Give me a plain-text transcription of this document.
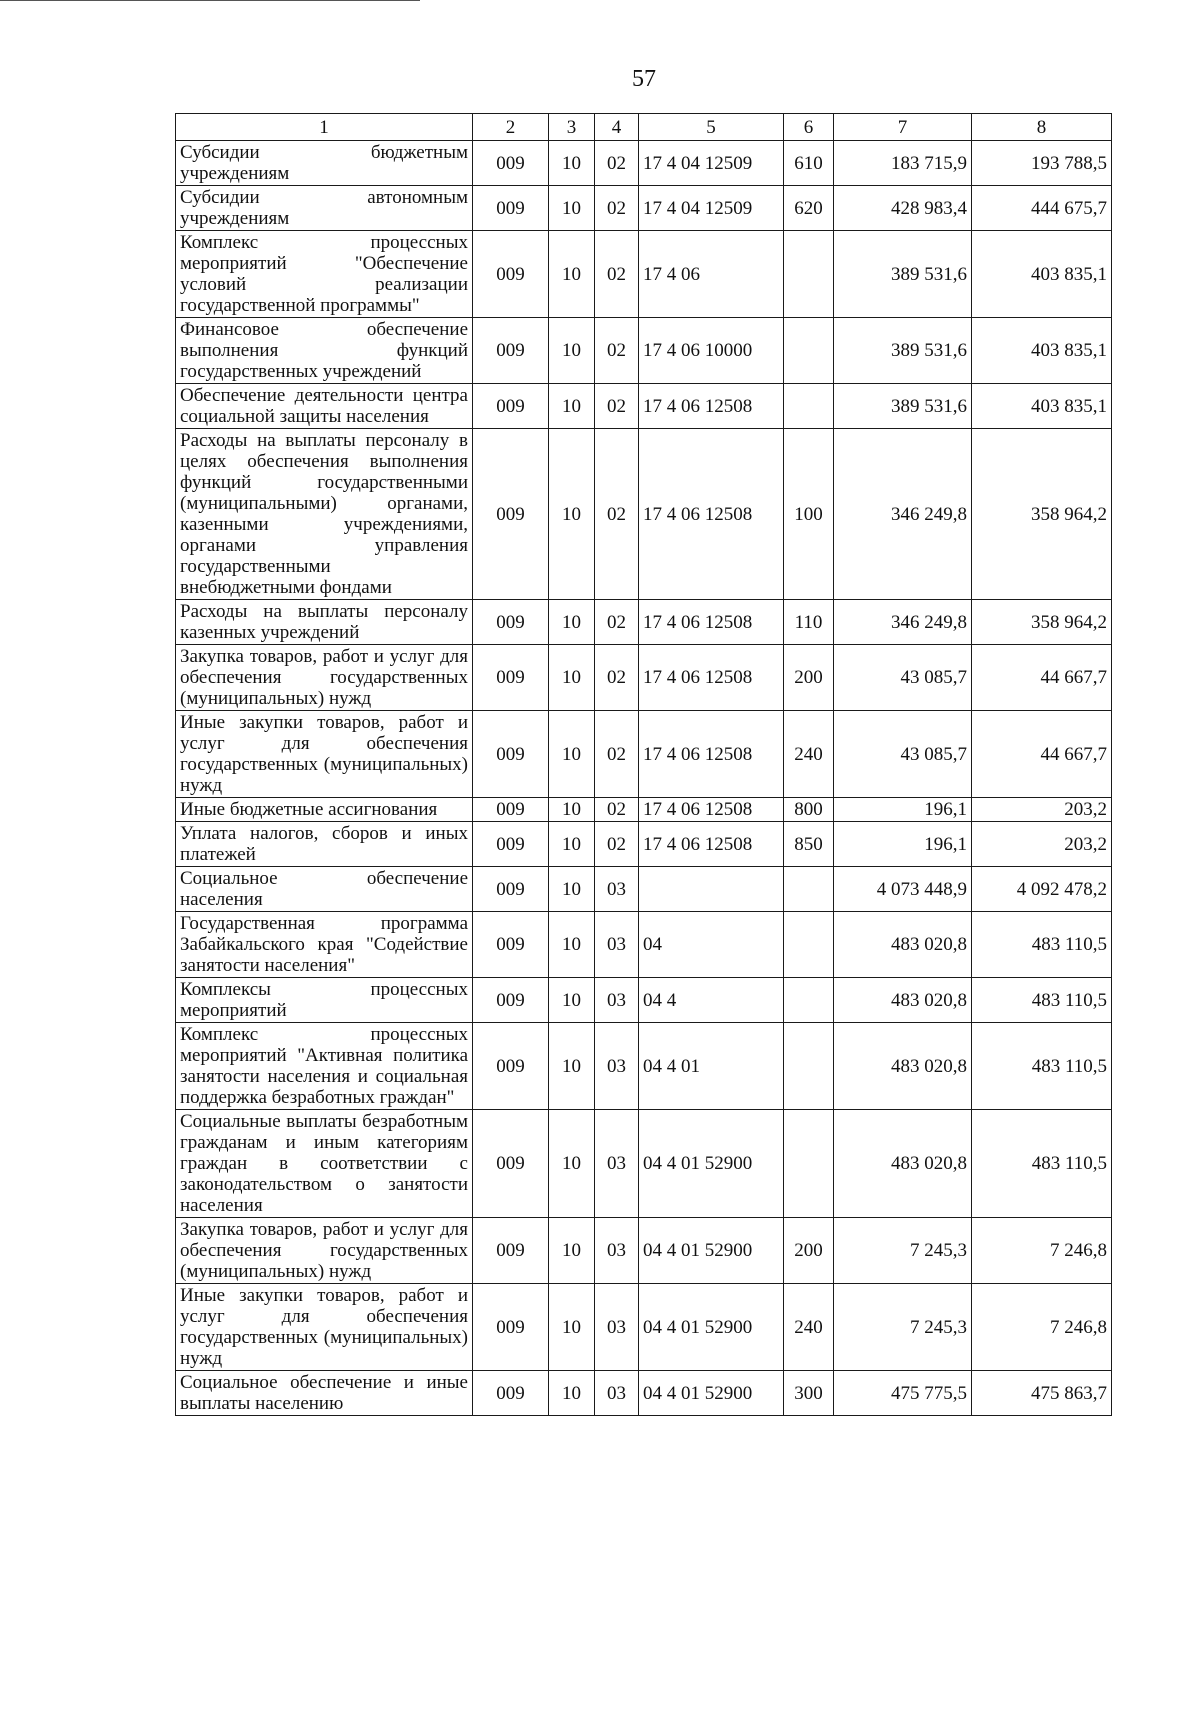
57
1	2	3	4	5	6	7	8
Субсидии бюджетным учреждениям	009	10	02	17 4 04 12509	610	183 715,9	193 788,5
Субсидии автономным учреждениям	009	10	02	17 4 04 12509	620	428 983,4	444 675,7
Комплекс процессных мероприятий "Обеспечение условий реализации государственной программы"	009	10	02	17 4 06		389 531,6	403 835,1
Финансовое обеспечение выполнения функций государственных учреждений	009	10	02	17 4 06 10000		389 531,6	403 835,1
Обеспечение деятельности центра социальной защиты населения	009	10	02	17 4 06 12508		389 531,6	403 835,1
Расходы на выплаты персоналу в целях обеспечения выполнения функций государственными (муниципальными) органами, казенными учреждениями, органами управления государственными внебюджетными фондами	009	10	02	17 4 06 12508	100	346 249,8	358 964,2
Расходы на выплаты персоналу казенных учреждений	009	10	02	17 4 06 12508	110	346 249,8	358 964,2
Закупка товаров, работ и услуг для обеспечения государственных (муниципальных) нужд	009	10	02	17 4 06 12508	200	43 085,7	44 667,7
Иные закупки товаров, работ и услуг для обеспечения государственных (муниципальных) нужд	009	10	02	17 4 06 12508	240	43 085,7	44 667,7
Иные бюджетные ассигнования	009	10	02	17 4 06 12508	800	196,1	203,2
Уплата налогов, сборов и иных платежей	009	10	02	17 4 06 12508	850	196,1	203,2
Социальное обеспечение населения	009	10	03			4 073 448,9	4 092 478,2
Государственная программа Забайкальского края "Содействие занятости населения"	009	10	03	04		483 020,8	483 110,5
Комплексы процессных мероприятий	009	10	03	04 4		483 020,8	483 110,5
Комплекс процессных мероприятий "Активная политика занятости населения и социальная поддержка безработных граждан"	009	10	03	04 4 01		483 020,8	483 110,5
Социальные выплаты безработным гражданам и иным категориям граждан в соответствии с законодательством о занятости населения	009	10	03	04 4 01 52900		483 020,8	483 110,5
Закупка товаров, работ и услуг для обеспечения государственных (муниципальных) нужд	009	10	03	04 4 01 52900	200	7 245,3	7 246,8
Иные закупки товаров, работ и услуг для обеспечения государственных (муниципальных) нужд	009	10	03	04 4 01 52900	240	7 245,3	7 246,8
Социальное обеспечение и иные выплаты населению	009	10	03	04 4 01 52900	300	475 775,5	475 863,7
